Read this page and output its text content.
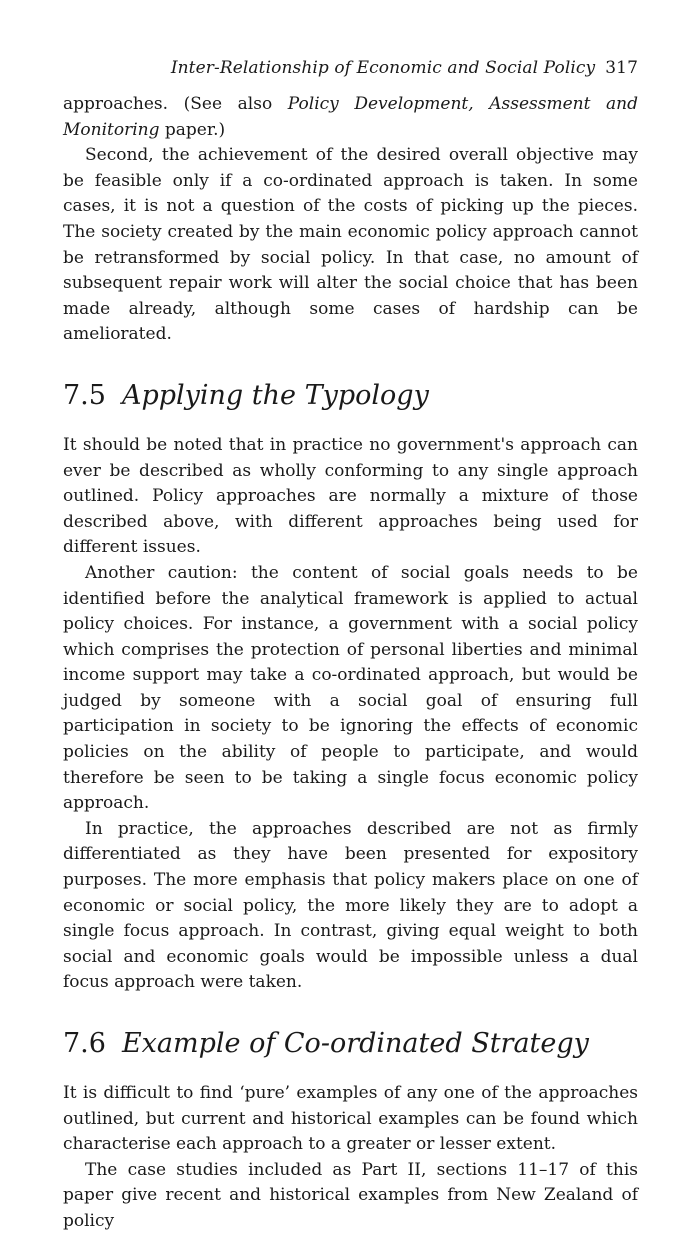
Inter-Relationship of Economic and Social Policy 317

approaches. (See also Policy Development, Assessment and Monitoring paper.)

Second, the achievement of the desired overall objective may be feasible only if a co-ordinated approach is taken. In some cases, it is not a question of the costs of picking up the pieces. The society created by the main economic policy approach cannot be retransformed by social policy. In that case, no amount of subsequent repair work will alter the social choice that has been made already, although some cases of hardship can be ameliorated.

7.5 Applying the Typology

It should be noted that in practice no government's approach can ever be described as wholly conforming to any single approach outlined. Policy approaches are normally a mixture of those described above, with different approaches being used for different issues.

Another caution: the content of social goals needs to be identified before the analytical framework is applied to actual policy choices. For instance, a government with a social policy which comprises the protection of personal liberties and minimal income support may take a co-ordinated approach, but would be judged by someone with a social goal of ensuring full participation in society to be ignoring the effects of economic policies on the ability of people to participate, and would therefore be seen to be taking a single focus economic policy approach.

In practice, the approaches described are not as firmly differentiated as they have been presented for expository purposes. The more emphasis that policy makers place on one of economic or social policy, the more likely they are to adopt a single focus approach. In contrast, giving equal weight to both social and economic goals would be impossible unless a dual focus approach were taken.

7.6 Example of Co-ordinated Strategy

It is difficult to find ‘pure’ examples of any one of the approaches outlined, but current and historical examples can be found which characterise each approach to a greater or lesser extent.

The case studies included as Part II, sections 11–17 of this paper give recent and historical examples from New Zealand of policy
